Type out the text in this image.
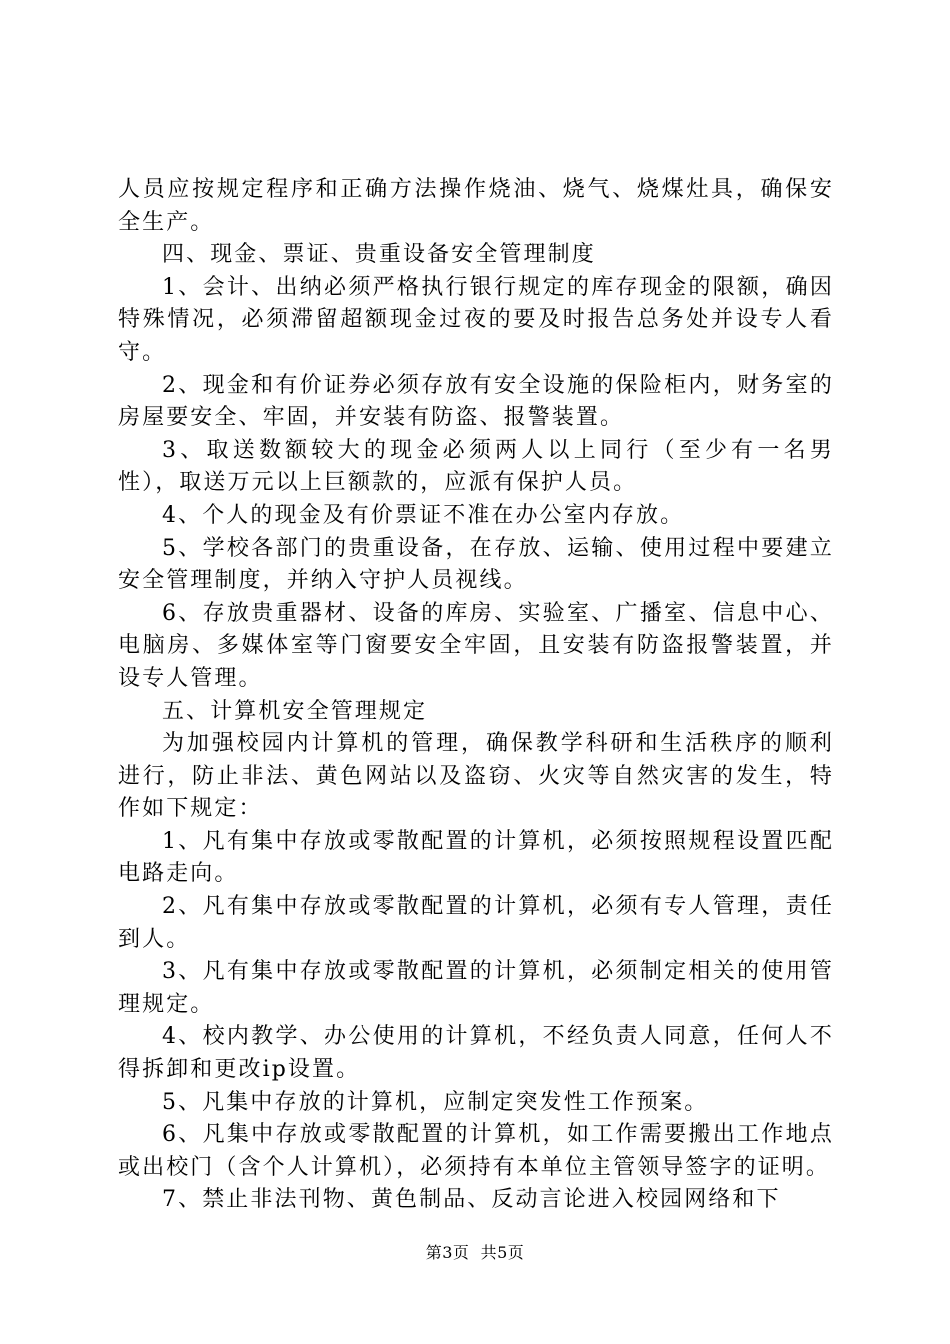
人员应按规定程序和正确方法操作烧油、烧气、烧煤灶具，确保安全生产。

四、现金、票证、贵重设备安全管理制度

1、会计、出纳必须严格执行银行规定的库存现金的限额，确因特殊情况，必须滞留超额现金过夜的要及时报告总务处并设专人看守。

2、现金和有价证券必须存放有安全设施的保险柜内，财务室的房屋要安全、牢固，并安装有防盗、报警装置。

3、取送数额较大的现金必须两人以上同行（至少有一名男性），取送万元以上巨额款的，应派有保护人员。

4、个人的现金及有价票证不准在办公室内存放。

5、学校各部门的贵重设备，在存放、运输、使用过程中要建立安全管理制度，并纳入守护人员视线。

6、存放贵重器材、设备的库房、实验室、广播室、信息中心、电脑房、多媒体室等门窗要安全牢固，且安装有防盗报警装置，并设专人管理。

五、计算机安全管理规定

为加强校园内计算机的管理，确保教学科研和生活秩序的顺利进行，防止非法、黄色网站以及盗窃、火灾等自然灾害的发生，特作如下规定：

1、凡有集中存放或零散配置的计算机，必须按照规程设置匹配电路走向。

2、凡有集中存放或零散配置的计算机，必须有专人管理，责任到人。

3、凡有集中存放或零散配置的计算机，必须制定相关的使用管理规定。

4、校内教学、办公使用的计算机，不经负责人同意，任何人不得拆卸和更改ip设置。

5、凡集中存放的计算机，应制定突发性工作预案。

6、凡集中存放或零散配置的计算机，如工作需要搬出工作地点或出校门（含个人计算机），必须持有本单位主管领导签字的证明。

7、禁止非法刊物、黄色制品、反动言论进入校园网络和下

第3页  共5页
